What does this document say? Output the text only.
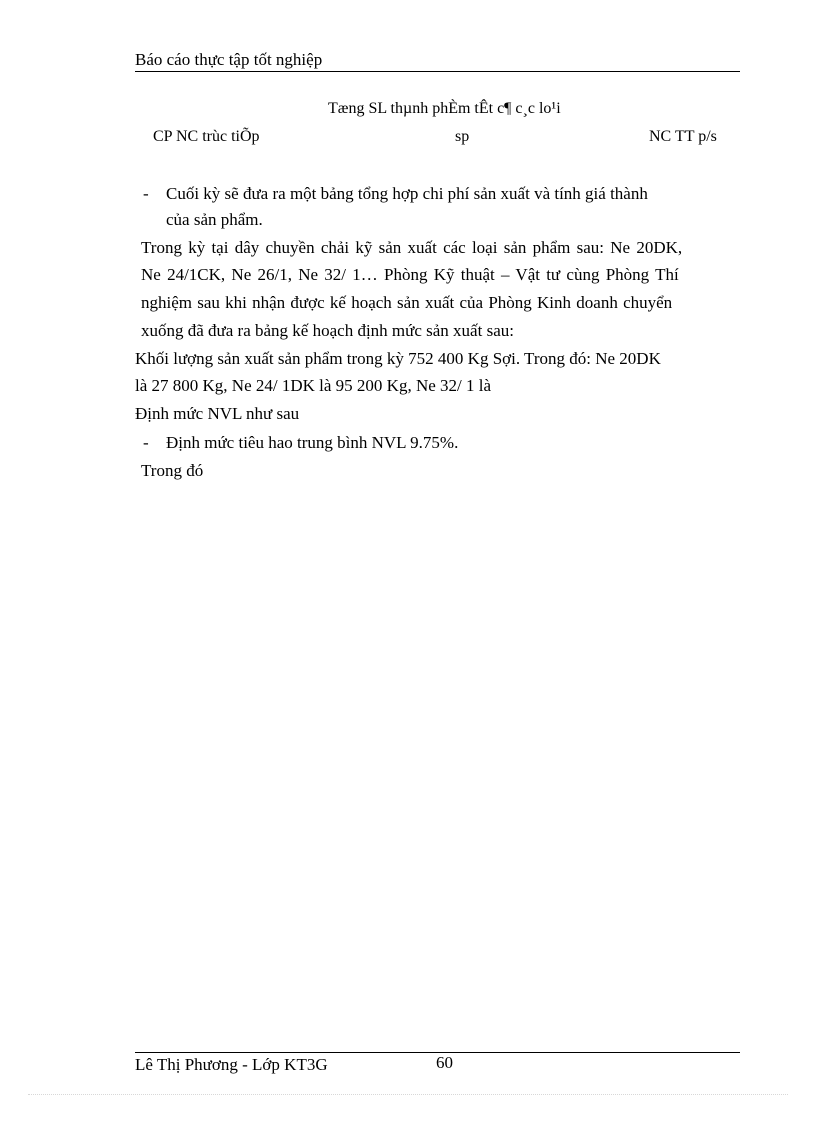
Báo cáo thực tập tốt nghiệp
Tæng SL thµnh phÈm tÊt c¶ c¸c lo¹i
CP NC trùc tiÕp	sp	NC TT p/s
- Cuối kỳ sẽ đưa ra một bảng tổng hợp chi phí sản xuất và tính giá thành
của sản phẩm.
Trong kỳ tại dây chuyền chải kỹ sản xuất các loại sản phẩm sau: Ne 20DK,
Ne 24/1CK, Ne 26/1, Ne 32/ 1… Phòng Kỹ thuật – Vật tư cùng Phòng Thí
nghiệm sau khi nhận được kế hoạch sản xuất của Phòng Kinh doanh chuyển
xuống đã đưa ra bảng kế hoạch định mức sản xuất sau:
Khối lượng sản xuất sản phẩm trong kỳ 752 400 Kg Sợi. Trong đó: Ne 20DK
là 27 800 Kg, Ne 24/ 1DK là 95 200 Kg, Ne 32/ 1 là
Định mức NVL như sau
- Định mức tiêu hao trung bình NVL 9.75%.
Trong đó
Lê Thị Phương - Lớp KT3G	60
